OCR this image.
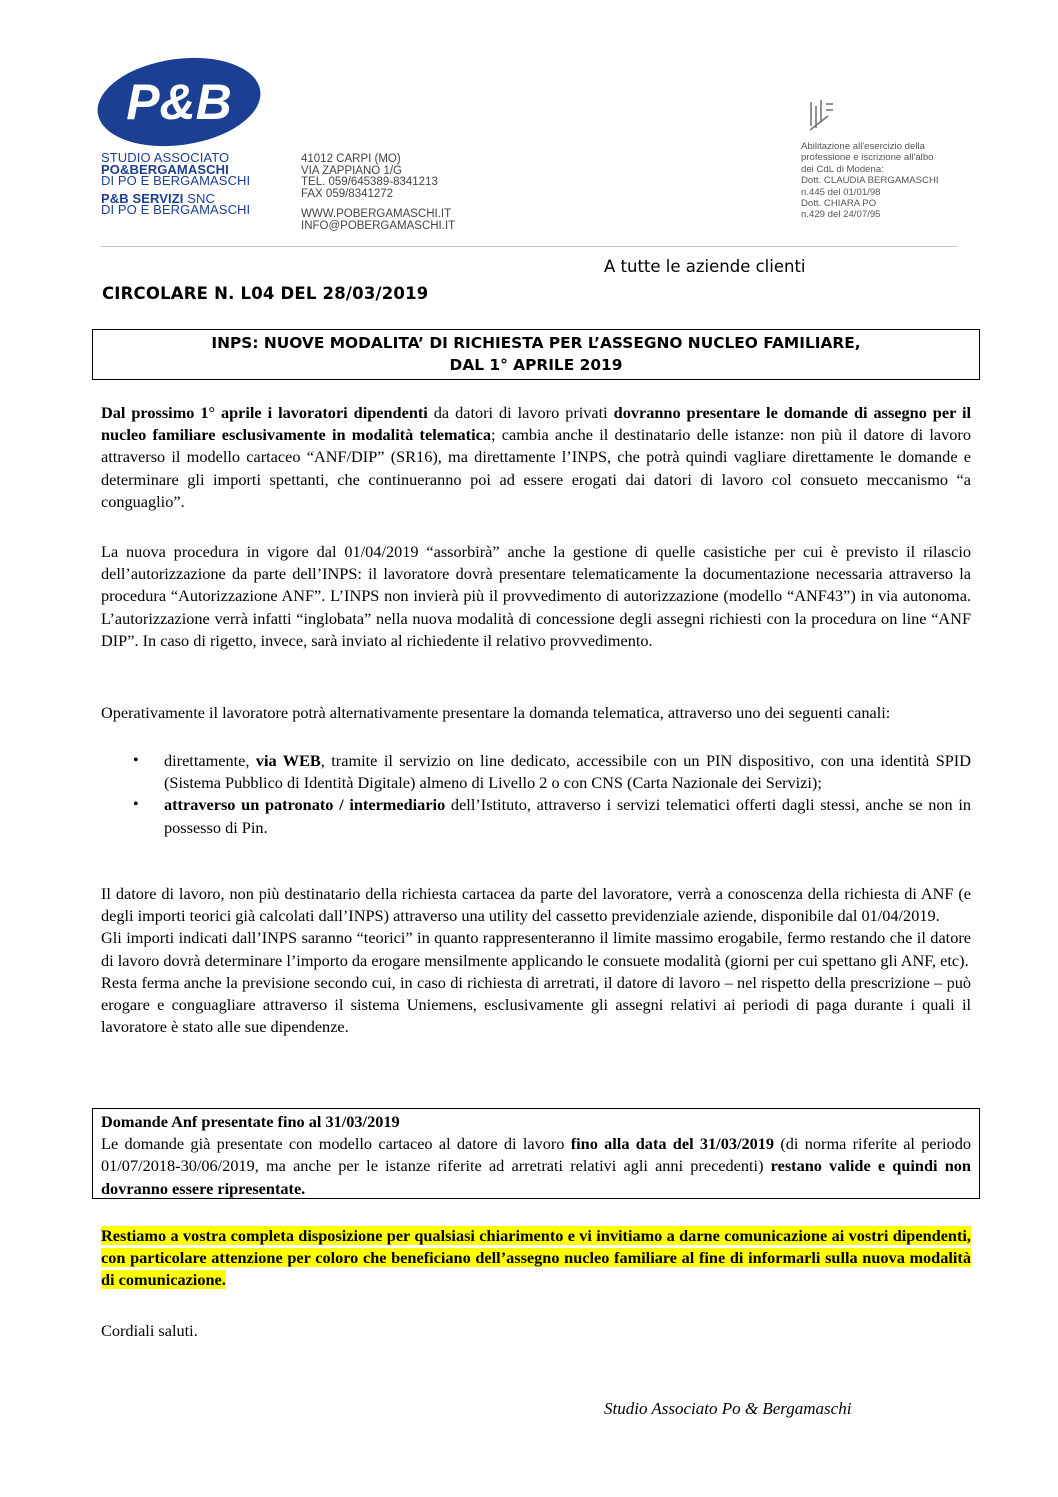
P&B
STUDIO ASSOCIATO
PO&BERGAMASCHI
DI PO E BERGAMASCHI
P&B SERVIZI SNC
DI PO E BERGAMASCHI
41012 CARPI (MO)
VIA ZAPPIANO 1/G
TEL. 059/645389-8341213
FAX 059/8341272
WWW.POBERGAMASCHI.IT
INFO@POBERGAMASCHI.IT
Abilitazione all'esercizio della
professione e iscrizione all'albo
dei CdL di Modena:
Dott. CLAUDIA BERGAMASCHI
n.445 del 01/01/98
Dott. CHIARA PO
n.429 del 24/07/95
A tutte le aziende clienti
CIRCOLARE N. L04 DEL 28/03/2019
INPS: NUOVE MODALITA’ DI RICHIESTA PER L’ASSEGNO NUCLEO FAMILIARE,
DAL 1° APRILE 2019
Dal prossimo 1° aprile i lavoratori dipendenti da datori di lavoro privati dovranno presentare le domande di assegno per il nucleo familiare esclusivamente in modalità telematica; cambia anche il destinatario delle istanze: non più il datore di lavoro attraverso il modello cartaceo “ANF/DIP” (SR16), ma direttamente l’INPS, che potrà quindi vagliare direttamente le domande e determinare gli importi spettanti, che continueranno poi ad essere erogati dai datori di lavoro col consueto meccanismo “a conguaglio”.
La nuova procedura in vigore dal 01/04/2019 “assorbirà” anche la gestione di quelle casistiche per cui è previsto il rilascio dell’autorizzazione da parte dell’INPS: il lavoratore dovrà presentare telematicamente la documentazione necessaria attraverso la procedura “Autorizzazione ANF”. L’INPS non invierà più il provvedimento di autorizzazione (modello “ANF43”) in via autonoma. L’autorizzazione verrà infatti “inglobata” nella nuova modalità di concessione degli assegni richiesti con la procedura on line “ANF DIP”. In caso di rigetto, invece, sarà inviato al richiedente il relativo provvedimento.
Operativamente il lavoratore potrà alternativamente presentare la domanda telematica, attraverso uno dei seguenti canali:
• direttamente, via WEB, tramite il servizio on line dedicato, accessibile con un PIN dispositivo, con una identità SPID (Sistema Pubblico di Identità Digitale) almeno di Livello 2 o con CNS (Carta Nazionale dei Servizi);
• attraverso un patronato / intermediario dell’Istituto, attraverso i servizi telematici offerti dagli stessi, anche se non in possesso di Pin.
Il datore di lavoro, non più destinatario della richiesta cartacea da parte del lavoratore, verrà a conoscenza della richiesta di ANF (e degli importi teorici già calcolati dall’INPS) attraverso una utility del cassetto previdenziale aziende, disponibile dal 01/04/2019.
Gli importi indicati dall’INPS saranno “teorici” in quanto rappresenteranno il limite massimo erogabile, fermo restando che il datore di lavoro dovrà determinare l’importo da erogare mensilmente applicando le consuete modalità (giorni per cui spettano gli ANF, etc).
Resta ferma anche la previsione secondo cui, in caso di richiesta di arretrati, il datore di lavoro – nel rispetto della prescrizione – può erogare e conguagliare attraverso il sistema Uniemens, esclusivamente gli assegni relativi ai periodi di paga durante i quali il lavoratore è stato alle sue dipendenze.
Domande Anf presentate fino al 31/03/2019
Le domande già presentate con modello cartaceo al datore di lavoro fino alla data del 31/03/2019 (di norma riferite al periodo 01/07/2018-30/06/2019, ma anche per le istanze riferite ad arretrati relativi agli anni precedenti) restano valide e quindi non dovranno essere ripresentate.
Restiamo a vostra completa disposizione per qualsiasi chiarimento e vi invitiamo a darne comunicazione ai vostri dipendenti, con particolare attenzione per coloro che beneficiano dell’assegno nucleo familiare al fine di informarli sulla nuova modalità di comunicazione.
Cordiali saluti.
Studio Associato Po & Bergamaschi
